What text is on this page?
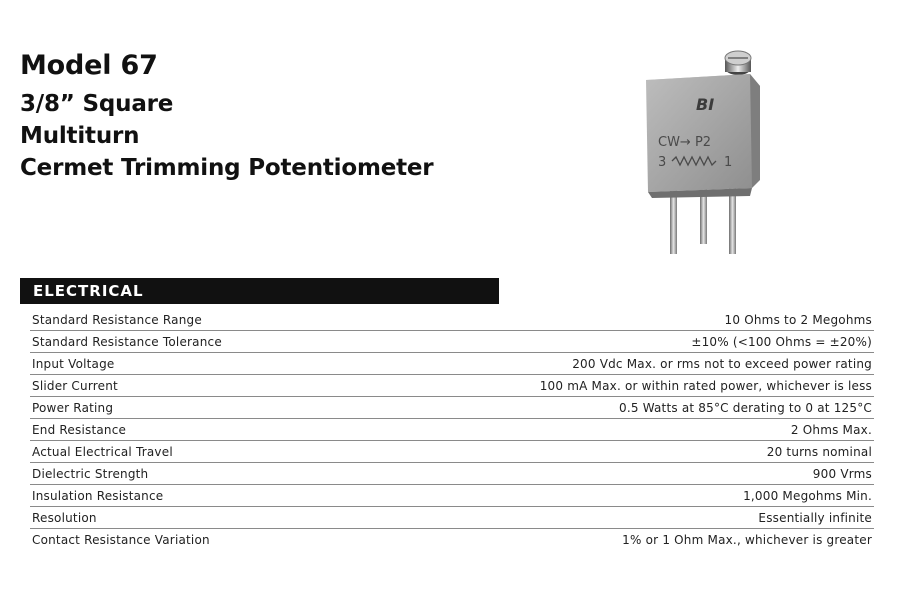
Model 67
3/8” Square
Multiturn
Cermet Trimming Potentiometer
BI
CW→ P2
3	1
ELECTRICAL
Standard Resistance Range	10 Ohms to 2 Megohms
Standard Resistance Tolerance	±10% (<100 Ohms = ±20%)
Input Voltage	200 Vdc Max. or rms not to exceed power rating
Slider Current	100 mA Max. or within rated power, whichever is less
Power Rating	0.5 Watts at 85°C derating to 0 at 125°C
End Resistance	2 Ohms Max.
Actual Electrical Travel	20 turns nominal
Dielectric Strength	900 Vrms
Insulation Resistance	1,000 Megohms Min.
Resolution	Essentially infinite
Contact Resistance Variation	1% or 1 Ohm Max., whichever is greater
